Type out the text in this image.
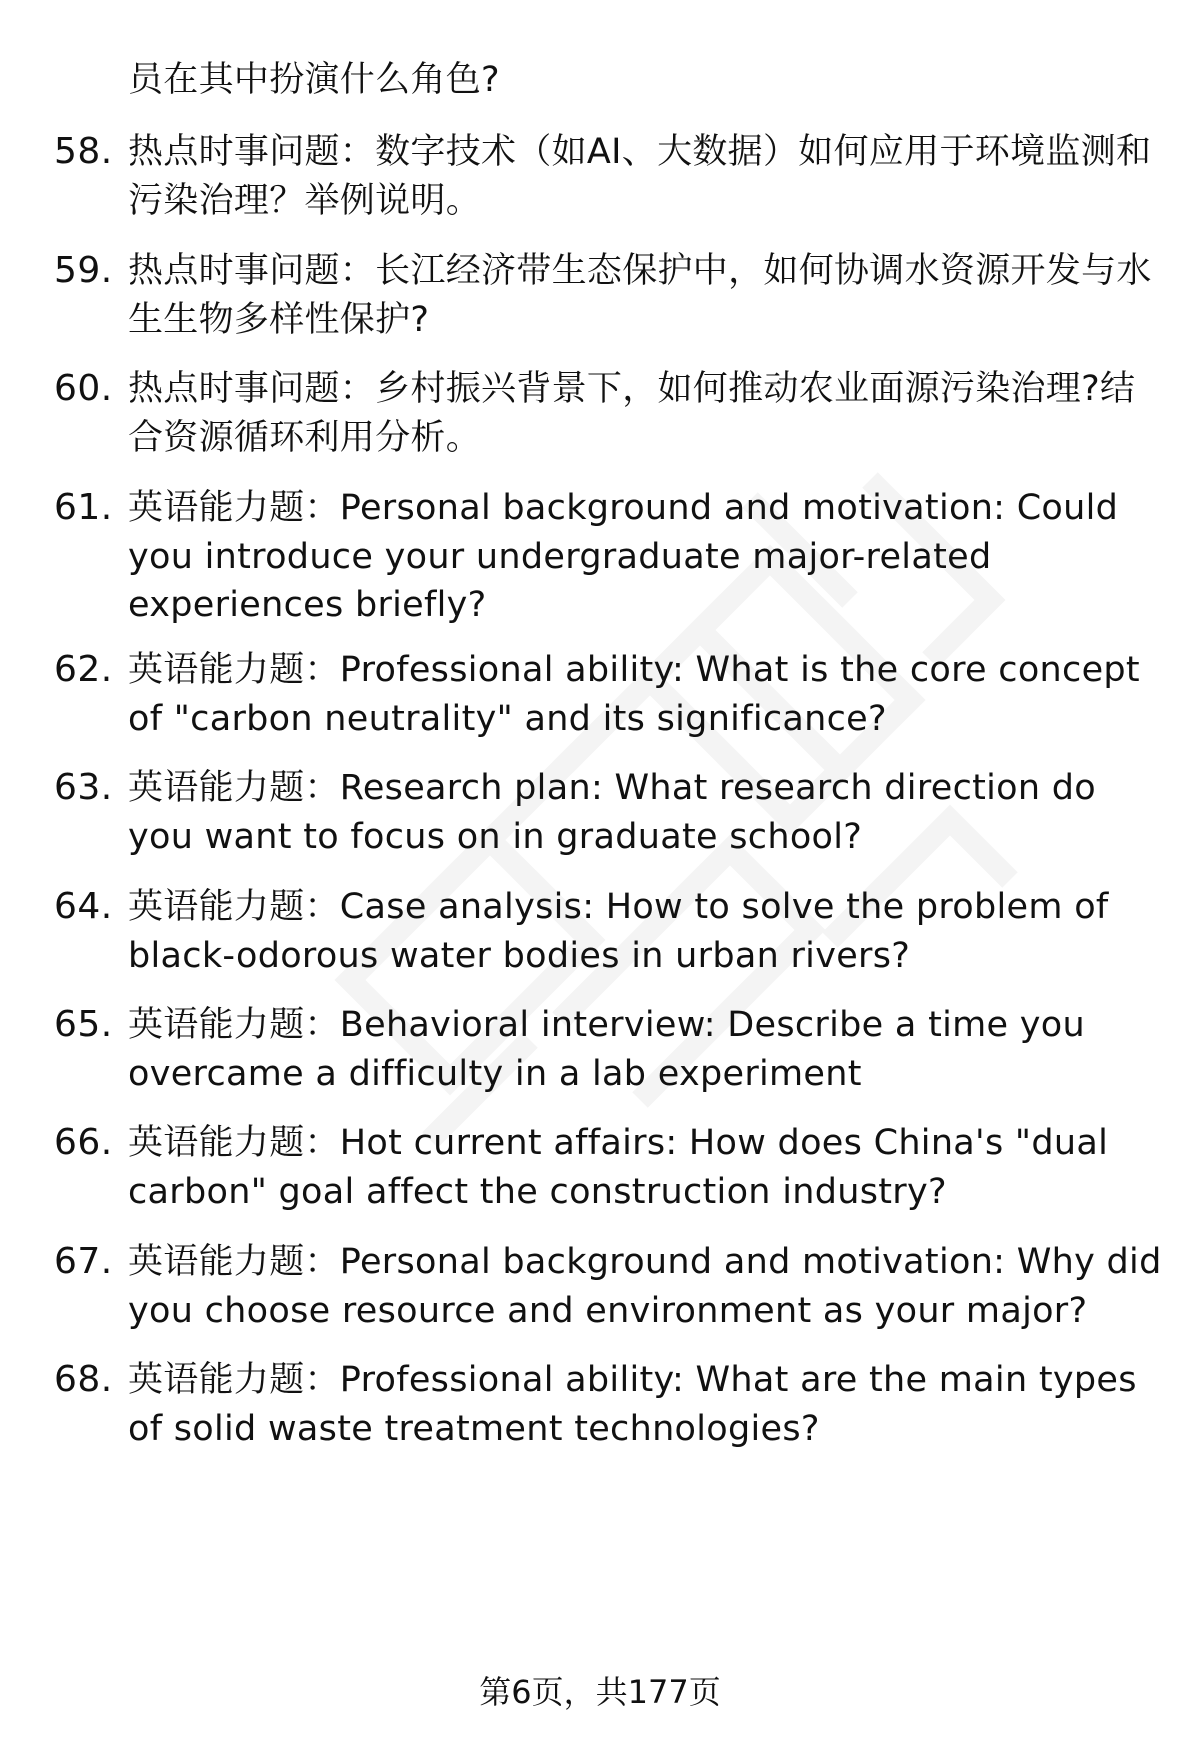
员在其中扮演什么角色?
58. 热点时事问题：数字技术（如AI、大数据）如何应用于环境监测和污染治理？举例说明。
59. 热点时事问题：长江经济带生态保护中，如何协调水资源开发与水生生物多样性保护?
60. 热点时事问题：乡村振兴背景下，如何推动农业面源污染治理?结合资源循环利用分析。
61. 英语能力题：Personal background and motivation: Could you introduce your undergraduate major-related experiences briefly?
62. 英语能力题：Professional ability: What is the core concept of "carbon neutrality" and its significance?
63. 英语能力题：Research plan: What research direction do you want to focus on in graduate school?
64. 英语能力题：Case analysis: How to solve the problem of black-odorous water bodies in urban rivers?
65. 英语能力题：Behavioral interview: Describe a time you overcame a difficulty in a lab experiment
66. 英语能力题：Hot current affairs: How does China's "dual carbon" goal affect the construction industry?
67. 英语能力题：Personal background and motivation: Why did you choose resource and environment as your major?
68. 英语能力题：Professional ability: What are the main types of solid waste treatment technologies?
第6页，共177页
